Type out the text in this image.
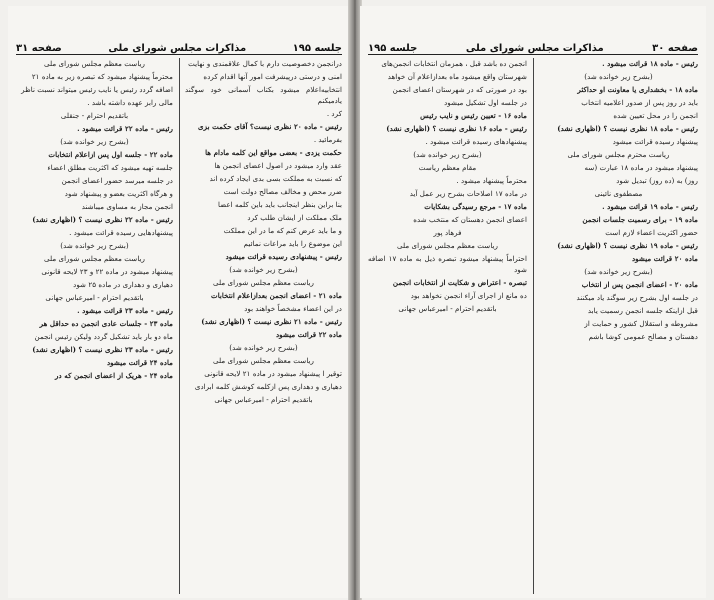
جلسه ۱۹۵
مذاکرات مجلس شورای ملی
صفحه ۳۱

درانجمن دخصوصیت دارم با کمال علاقمندی و نهایت

امنی و درستی درپیشرفت امور آنها اقدام کرده

انتخابیه‌اعلام میشود بکتاب آسمانی خود سوگند یادمیکنم

کرد .

رئیس - ماده ۲۰ نظری نیست؟ آقای حکمت بزی

بفرمائید .

حکمت یزدی - بعضی مواقع این کلمه مادام ها

عقد وارد میشود در اصول اعضای انجمن ها

که نسبت به مملکت بسی بدی ایجاد کرده اند

ضرر محض و مخالف مصالح دولت است

بنا براین بنظر اینجانب باید باین کلمه اعضا

ملک مملکت از ایشان طلب کرد

و ما باید عرض کنم که ما در این مملکت

این موضوع را باید مراعات نمائیم

رئیس - پیشنهادی رسیده قرائت میشود

(بشرح زیر خوانده شد)

ریاست معظم مجلس شورای ملی

ماده ۲۱ - اعضای انجمن بعدازاعلام انتخابات

در این اعضاء مشخصاً خواهند بود

رئیس - ماده ۲۱ نظری نیست ؟ (اظهاری نشد)

ماده ۲۲ قرائت میشود

(بشرح زیر خوانده شد)

ریاست معظم مجلس شورای ملی

توقیر ا پیشنهاد میشود در ماده ۲۱ لایحه قانونی

دهیاری و دهداری پس ازکلمه کوشش کلمه ابرادی

باتقدیم احترام - امیرعباس جهانی

ریاست معظم مجلس شورای ملی

محترماً پیشنهاد میشود که تبصره زیر به ماده ۲۱

اضافه گردد رئیس یا نایب رئیس میتواند نسبت ناظر

مالی رابز عهده داشته باشد .

باتقدیم احترام - جنقلی

رئیس - ماده ۲۲ قرائت میشود .

(بشرح زیر خوانده شد)

ماده ۲۲ - جلسه اول پس ازاعلام انتخابات

جلسه تهیه میشود که اکثریت مطلق اعضاء

در جلسه میرسد حضور اعضای انجمن

و هرگاه اکثریت بعضو و پیشنهاد شود

انجمن مجاز به مساوی میباشند

رئیس - ماده ۲۲ نظری نیست ؟ (اظهاری نشد)

پیشنهادهایی رسیده قرائت میشود .

(بشرح زیر خوانده شد)

ریاست معظم مجلس شورای ملی

پیشنهاد میشود در ماده ۲۲ و ۲۳ لایحه قانونی

دهیاری و دهداری در ماده ۲۵ شود

باتقدیم احترام - امیرعباس جهانی

رئیس - ماده ۲۳ قرائت میشود .

ماده ۲۳ - جلسات عادی انجمن ده حداقل هر

ماه دو بار باید تشکیل گردد ولیکن رئیس انجمن

رئیس - ماده ۲۳ نظری نیست ؟ (اظهاری نشد)

ماده ۲۴ قرائت میشود

ماده ۲۴ - هریک از اعضای انجمن که در

صفحه ۳۰
مذاکرات مجلس شورای ملی
جلسه ۱۹۵

رئیس - ماده ۱۸ قرائت میشود .

(بشرح زیر خوانده شد)

ماده ۱۸ - بخشداری یا معاونت او حداکثر

باید در روز پس از صدور اعلامیه انتخاب

انجمن را در محل تعیین شده

رئیس - ماده ۱۸ نظری نیست ؟ (اظهاری نشد)

پیشنهاد رسیده قرائت میشود

ریاست محترم مجلس شورای ملی

پیشنهاد میشود در ماده ۱۸ عبارت (سه

روز) به (ده روز) تبدیل شود

مصطفوی نائینی

رئیس - ماده ۱۹ قرائت میشود .

ماده ۱۹ - برای رسمیت جلسات انجمن

حضور اکثریت اعضاء لازم است

رئیس - ماده ۱۹ نظری نیست ؟ (اظهاری نشد)

ماده ۲۰ قرائت میشود

(بشرح زیر خوانده شد)

ماده ۲۰ - اعضای انجمن پس از انتخاب

در جلسه اول بشرح زیر سوگند یاد میکنند

قبل ازاینکه جلسه انجمن رسمیت یابد

مشروطه و استقلال کشور و حمایت از

دهستان و مصالح عمومی کوشا باشم

انجمن ده باشد قبل ، همزمان انتخابات انجمن‌های

شهرستان واقع میشود ماه بعدازاعلام آن خواهد

بود در صورتی که در شهرستان اعضای انجمن

در جلسه اول تشکیل میشود

ماده ۱۶ - تعیین رئیس و نایب رئیس

رئیس - ماده ۱۶ نظری نیست ؟ (اظهاری نشد)

پیشنهادهای رسیده قرائت میشود .

(بشرح زیر خوانده شد)

مقام معظم ریاست

محترماً پیشنهاد میشود .

در ماده ۱۷ اصلاحات بشرح زیر عمل آید

ماده ۱۷ - مرجع رسیدگی بشکایات

اعضای انجمن دهستان که منتخب شده

فرهاد پور

ریاست معظم مجلس شورای ملی

احتراماً پیشنهاد میشود تبصره ذیل به ماده ۱۷ اضافه شود

تبصره - اعتراض و شکایت از انتخابات انجمن

ده مانع از اجرای آراء انجمن نخواهد بود

باتقدیم احترام - امیرعباس جهانی
